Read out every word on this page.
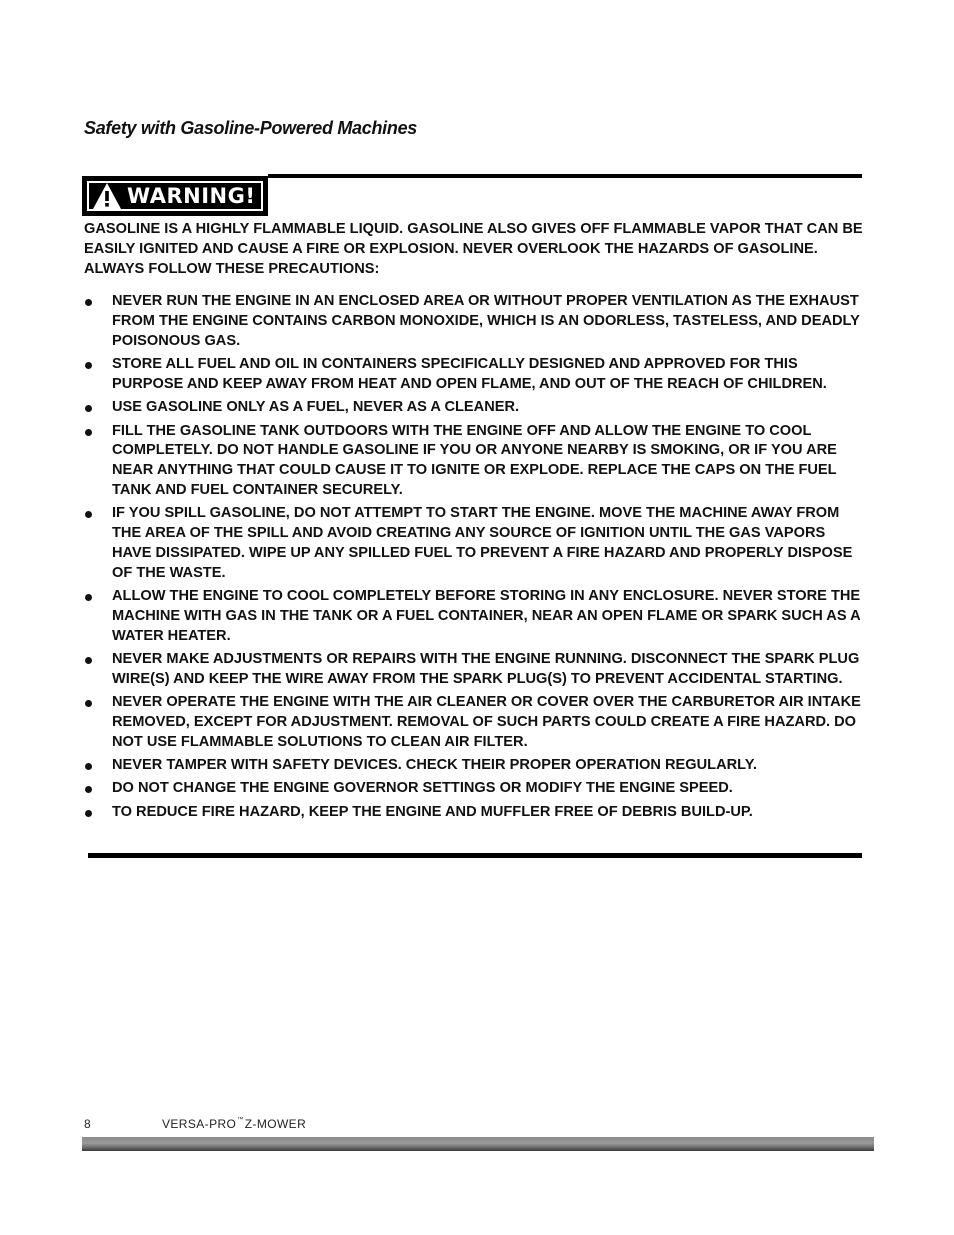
Safety with Gasoline-Powered Machines
WARNING!

GASOLINE IS A HIGHLY FLAMMABLE LIQUID. GASOLINE ALSO GIVES OFF FLAMMABLE VAPOR THAT CAN BE EASILY IGNITED AND CAUSE A FIRE OR EXPLOSION. NEVER OVERLOOK THE HAZARDS OF GASOLINE. ALWAYS FOLLOW THESE PRECAUTIONS:

NEVER RUN THE ENGINE IN AN ENCLOSED AREA OR WITHOUT PROPER VENTILATION AS THE EXHAUST FROM THE ENGINE CONTAINS CARBON MONOXIDE, WHICH IS AN ODORLESS, TASTELESS, AND DEADLY POISONOUS GAS.
STORE ALL FUEL AND OIL IN CONTAINERS SPECIFICALLY DESIGNED AND APPROVED FOR THIS PURPOSE AND KEEP AWAY FROM HEAT AND OPEN FLAME, AND OUT OF THE REACH OF CHILDREN.
USE GASOLINE ONLY AS A FUEL, NEVER AS A CLEANER.
FILL THE GASOLINE TANK OUTDOORS WITH THE ENGINE OFF AND ALLOW THE ENGINE TO COOL COMPLETELY. DO NOT HANDLE GASOLINE IF YOU OR ANYONE NEARBY IS SMOKING, OR IF YOU ARE NEAR ANYTHING THAT COULD CAUSE IT TO IGNITE OR EXPLODE. REPLACE THE CAPS ON THE FUEL TANK AND FUEL CONTAINER SECURELY.
IF YOU SPILL GASOLINE, DO NOT ATTEMPT TO START THE ENGINE. MOVE THE MACHINE AWAY FROM THE AREA OF THE SPILL AND AVOID CREATING ANY SOURCE OF IGNITION UNTIL THE GAS VAPORS HAVE DISSIPATED. WIPE UP ANY SPILLED FUEL TO PREVENT A FIRE HAZARD AND PROPERLY DISPOSE OF THE WASTE.
ALLOW THE ENGINE TO COOL COMPLETELY BEFORE STORING IN ANY ENCLOSURE. NEVER STORE THE MACHINE WITH GAS IN THE TANK OR A FUEL CONTAINER, NEAR AN OPEN FLAME OR SPARK SUCH AS A WATER HEATER.
NEVER MAKE ADJUSTMENTS OR REPAIRS WITH THE ENGINE RUNNING. DISCONNECT THE SPARK PLUG WIRE(S) AND KEEP THE WIRE AWAY FROM THE SPARK PLUG(S) TO PREVENT ACCIDENTAL STARTING.
NEVER OPERATE THE ENGINE WITH THE AIR CLEANER OR COVER OVER THE CARBURETOR AIR INTAKE REMOVED, EXCEPT FOR ADJUSTMENT. REMOVAL OF SUCH PARTS COULD CREATE A FIRE HAZARD. DO NOT USE FLAMMABLE SOLUTIONS TO CLEAN AIR FILTER.
NEVER TAMPER WITH SAFETY DEVICES. CHECK THEIR PROPER OPERATION REGULARLY.
DO NOT CHANGE THE ENGINE GOVERNOR SETTINGS OR MODIFY THE ENGINE SPEED.
TO REDUCE FIRE HAZARD, KEEP THE ENGINE AND MUFFLER FREE OF DEBRIS BUILD-UP.
8	VERSA-PRO™Z-MOWER
